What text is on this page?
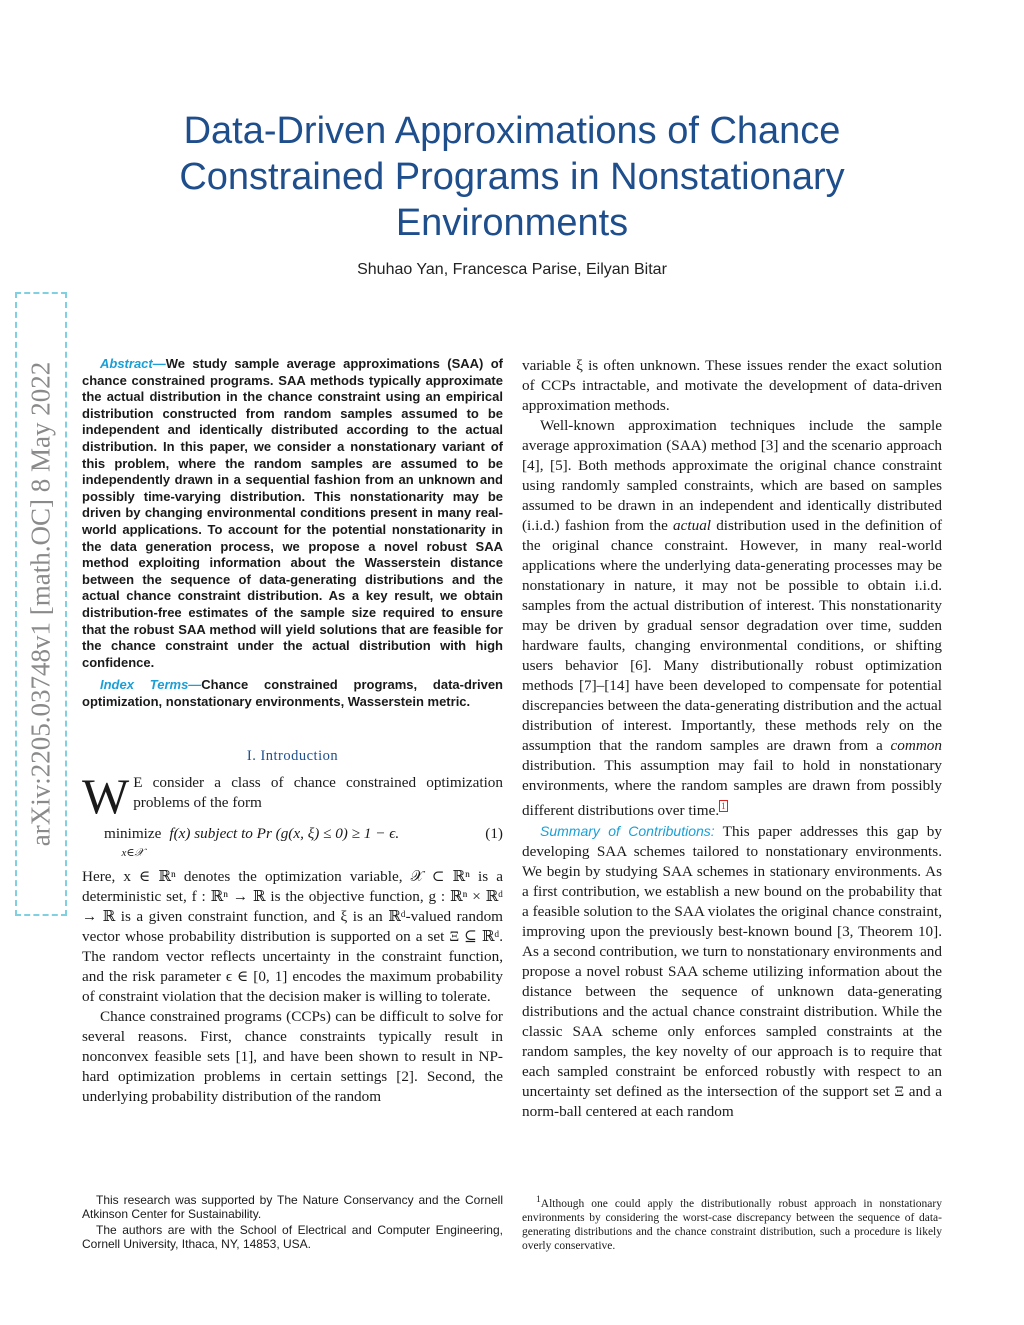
Data-Driven Approximations of Chance Constrained Programs in Nonstationary Environments
Shuhao Yan, Francesca Parise, Eilyan Bitar
arXiv:2205.03748v1 [math.OC] 8 May 2022	Abstract—We study sample average approximations (SAA) of chance constrained programs. SAA methods typically approximate the actual distribution in the chance constraint using an empirical distribution constructed from random samples assumed to be independent and identically distributed according to the actual distribution. In this paper, we consider a nonstationary variant of this problem, where the random samples are assumed to be independently drawn in a sequential fashion from an unknown and possibly time-varying distribution. This nonstationarity may be driven by changing environmental conditions present in many real-world applications. To account for the potential nonstationarity in the data generation process, we propose a novel robust SAA method exploiting information about the Wasserstein distance between the sequence of data-generating distributions and the actual chance constraint distribution. As a key result, we obtain distribution-free estimates of the sample size required to ensure that the robust SAA method will yield solutions that are feasible for the chance constraint under the actual distribution with high confidence.

Index Terms—Chance constrained programs, data-driven optimization, nonstationary environments, Wasserstein metric.

I. Introduction
W E consider a class of chance constrained optimization problems of the form

minimize
x∈𝒳
f(x) subject to Pr (g(x, ξ) ≤ 0) ≥ 1 − ϵ.	(1)

Here, x ∈ ℝⁿ denotes the optimization variable, 𝒳 ⊂ ℝⁿ is a deterministic set, f : ℝⁿ → ℝ is the objective function, g : ℝⁿ × ℝᵈ → ℝ is a given constraint function, and ξ is an ℝᵈ-valued random vector whose probability distribution is supported on a set Ξ ⊆ ℝᵈ. The random vector reflects uncertainty in the constraint function, and the risk parameter ϵ ∈ [0, 1] encodes the maximum probability of constraint violation that the decision maker is willing to tolerate.

Chance constrained programs (CCPs) can be difficult to solve for several reasons. First, chance constraints typically result in nonconvex feasible sets [1], and have been shown to result in NP-hard optimization problems in certain settings [2]. Second, the underlying probability distribution of the random

variable ξ is often unknown. These issues render the exact solution of CCPs intractable, and motivate the development of data-driven approximation methods.

Well-known approximation techniques include the sample average approximation (SAA) method [3] and the scenario approach [4], [5]. Both methods approximate the original chance constraint using randomly sampled constraints, which are based on samples assumed to be drawn in an independent and identically distributed (i.i.d.) fashion from the actual distribution used in the definition of the original chance constraint. However, in many real-world applications where the underlying data-generating processes may be nonstationary in nature, it may not be possible to obtain i.i.d. samples from the actual distribution of interest. This nonstationarity may be driven by gradual sensor degradation over time, sudden hardware faults, changing environmental conditions, or shifting users behavior [6]. Many distributionally robust optimization methods [7]–[14] have been developed to compensate for potential discrepancies between the data-generating distribution and the actual distribution of interest. Importantly, these methods rely on the assumption that the random samples are drawn from a common distribution. This assumption may fail to hold in nonstationary environments, where the random samples are drawn from possibly different distributions over time. $^1$

Summary of Contributions: This paper addresses this gap by developing SAA schemes tailored to nonstationary environments. We begin by studying SAA schemes in stationary environments. As a first contribution, we establish a new bound on the probability that a feasible solution to the SAA violates the original chance constraint, improving upon the previously best-known bound [3, Theorem 10]. As a second contribution, we turn to nonstationary environments and propose a novel robust SAA scheme utilizing information about the distance between the sequence of unknown data-generating distributions and the actual chance constraint distribution. While the classic SAA scheme only enforces sampled constraints at the random samples, the key novelty of our approach is to require that each sampled constraint be enforced robustly with respect to an uncertainty set defined as the intersection of the support set Ξ and a norm-ball centered at each random

This research was supported by The Nature Conservancy and the Cornell Atkinson Center for Sustainability.

The authors are with the School of Electrical and Computer Engineering, Cornell University, Ithaca, NY, 14853, USA.

$^1$Although one could apply the distributionally robust approach in nonstationary environments by considering the worst-case discrepancy between the sequence of data-generating distributions and the chance constraint distribution, such a procedure is likely overly conservative.
